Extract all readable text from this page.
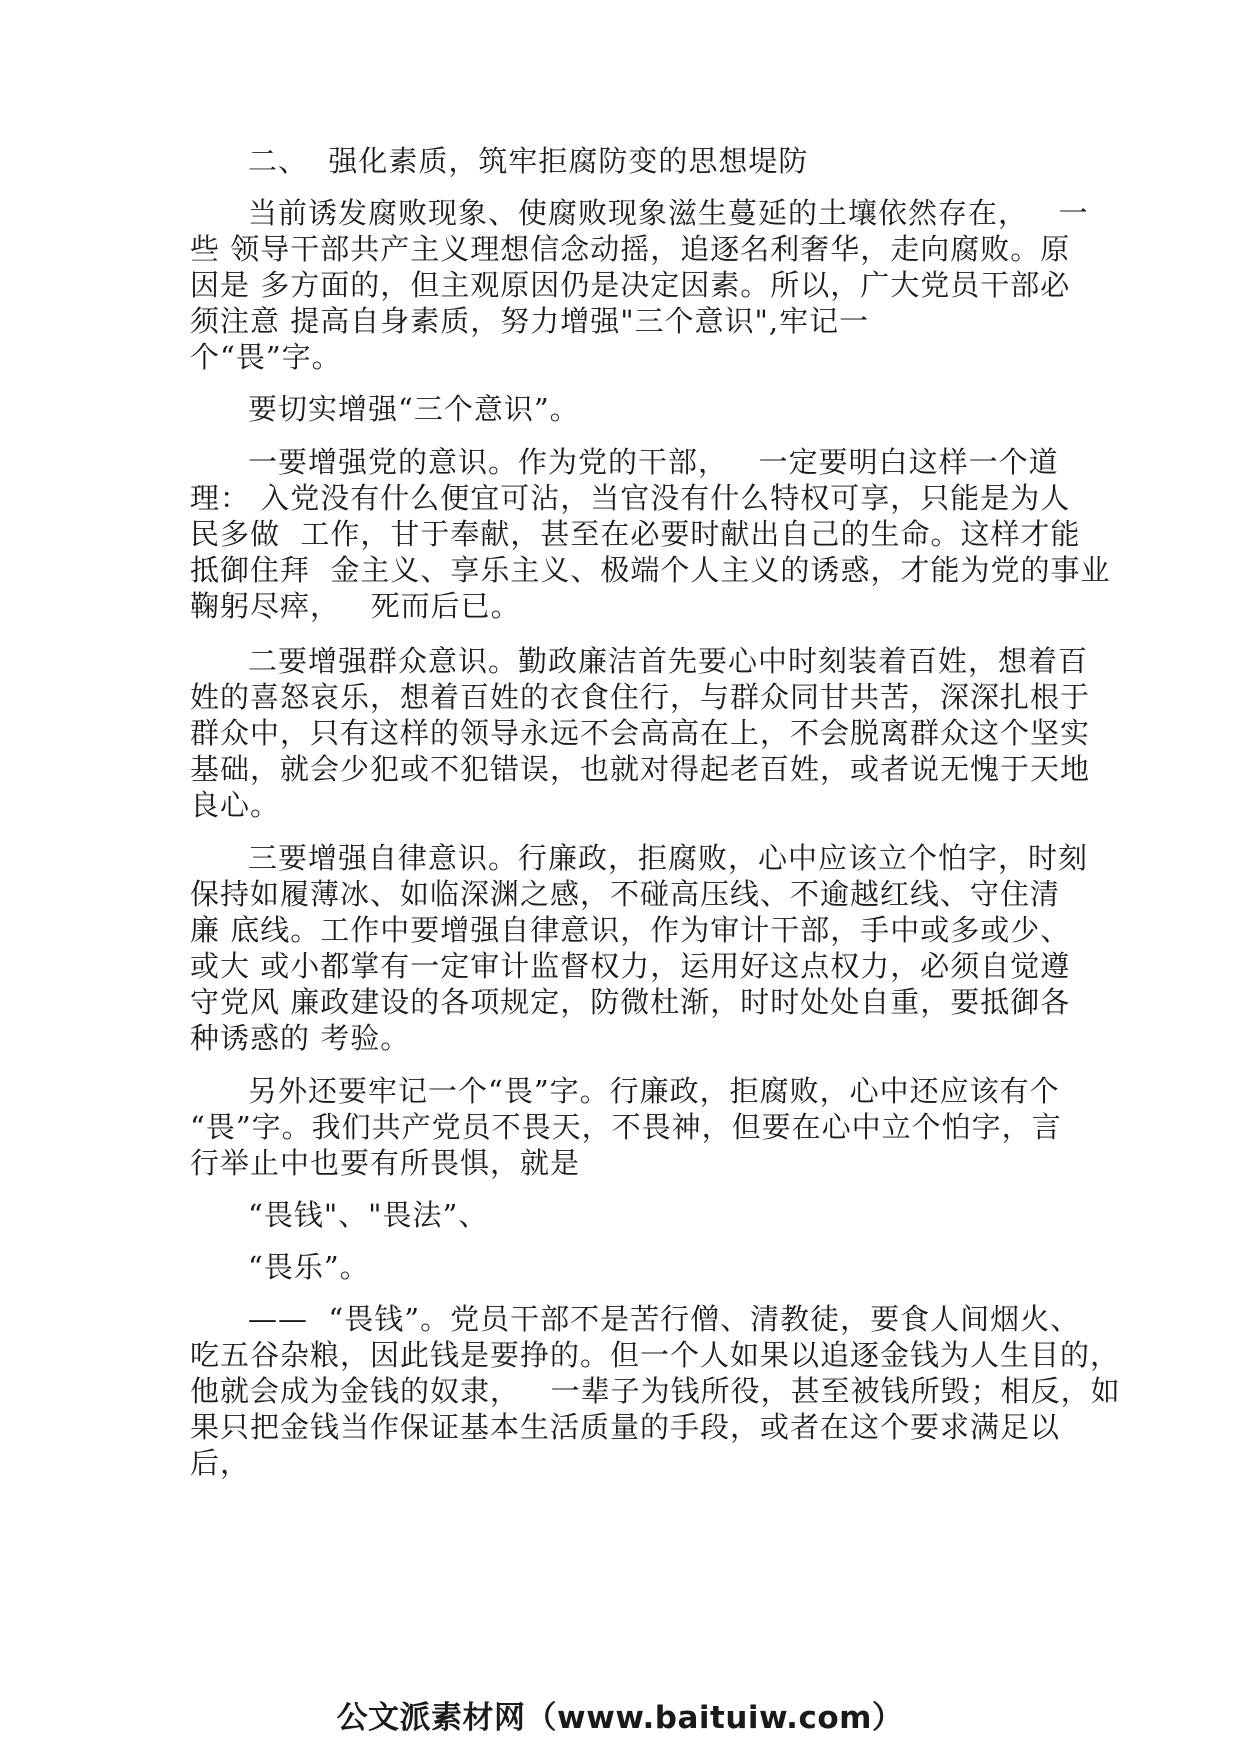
二、  强化素质，筑牢拒腐防变的思想堤防
当前诱发腐败现象、使腐败现象滋生蔓延的土壤依然存在，   一
些 领导干部共产主义理想信念动摇，追逐名利奢华，走向腐败。原
因是 多方面的，但主观原因仍是决定因素。所以，广大党员干部必
须注意 提高自身素质，努力增强"三个意识",牢记一
个“畏”字。
要切实增强“三个意识”。
一要增强党的意识。作为党的干部，   一定要明白这样一个道
理： 入党没有什么便宜可沾，当官没有什么特权可享，只能是为人
民多做  工作，甘于奉献，甚至在必要时献出自己的生命。这样才能
抵御住拜  金主义、享乐主义、极端个人主义的诱惑，才能为党的事业
鞠躬尽瘁，   死而后已。
二要增强群众意识。勤政廉洁首先要心中时刻装着百姓，想着百
姓的喜怒哀乐，想着百姓的衣食住行，与群众同甘共苦，深深扎根于
群众中，只有这样的领导永远不会高高在上，不会脱离群众这个坚实
基础，就会少犯或不犯错误，也就对得起老百姓，或者说无愧于天地
良心。
三要增强自律意识。行廉政，拒腐败，心中应该立个怕字，时刻
保持如履薄冰、如临深渊之感，不碰高压线、不逾越红线、守住清
廉 底线。工作中要增强自律意识，作为审计干部，手中或多或少、
或大 或小都掌有一定审计监督权力，运用好这点权力，必须自觉遵
守党风 廉政建设的各项规定，防微杜渐，时时处处自重，要抵御各
种诱惑的 考验。
另外还要牢记一个“畏”字。行廉政，拒腐败，心中还应该有个
“畏”字。我们共产党员不畏天，不畏神，但要在心中立个怕字，言
行举止中也要有所畏惧，就是
“畏钱"、"畏法”、
“畏乐”。
——  “畏钱”。党员干部不是苦行僧、清教徒，要食人间烟火、
吃五谷杂粮，因此钱是要挣的。但一个人如果以追逐金钱为人生目的，
他就会成为金钱的奴隶，   一辈子为钱所役，甚至被钱所毁；相反，如
果只把金钱当作保证基本生活质量的手段，或者在这个要求满足以
后，
公文派素材网（www.baituiw.com）
